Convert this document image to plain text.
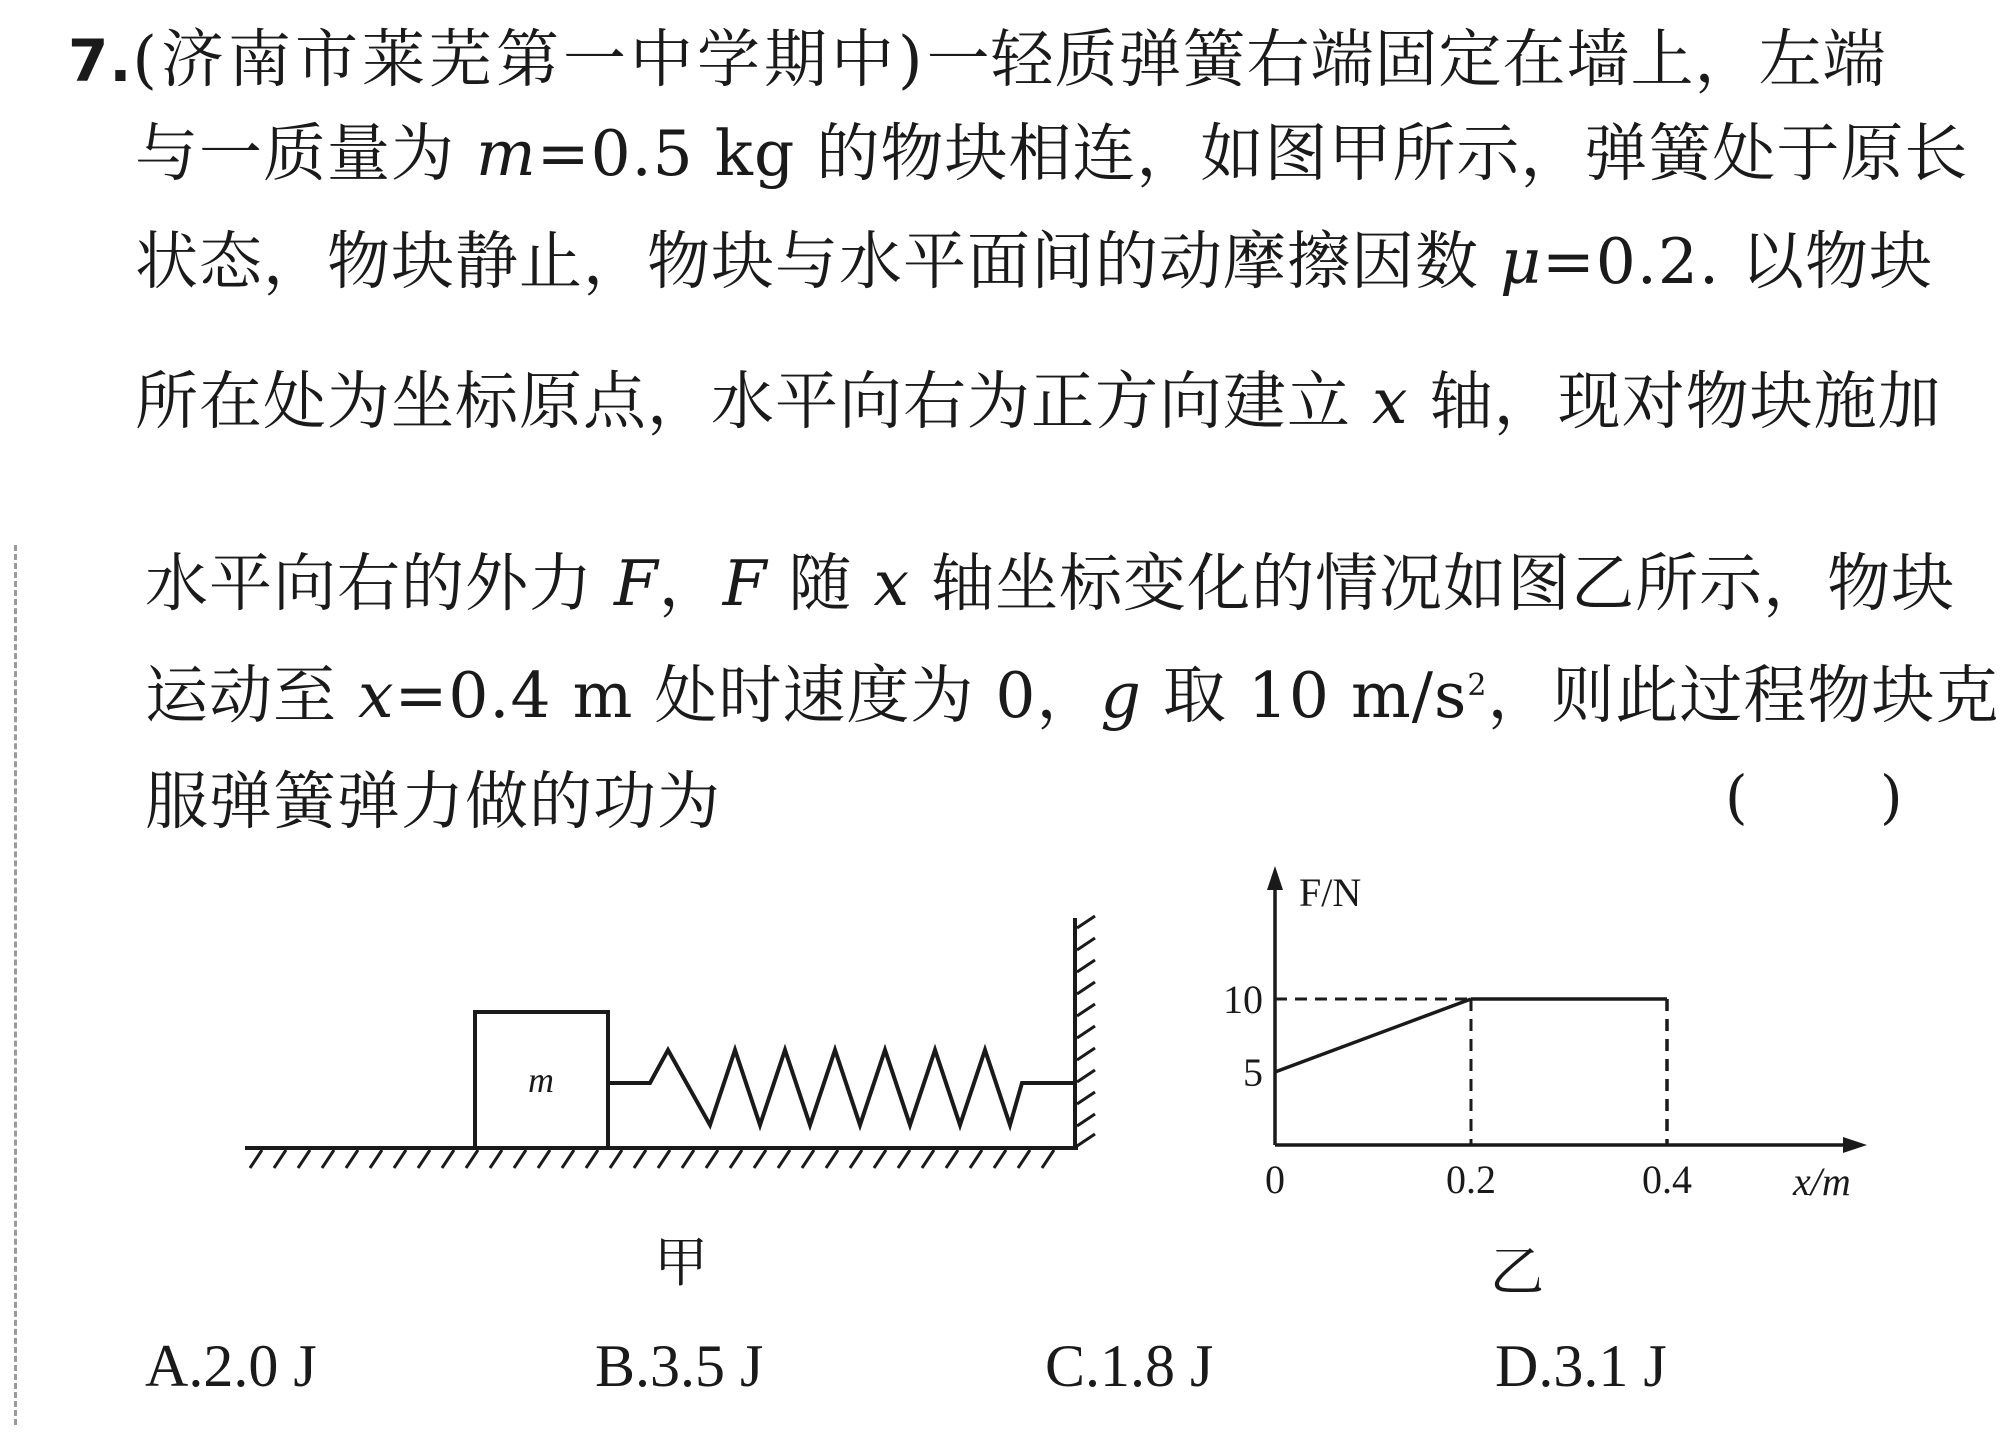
7.(济南市莱芜第一中学期中)一轻质弹簧右端固定在墙上，左端
与一质量为 m=0.5 kg 的物块相连，如图甲所示，弹簧处于原长
状态，物块静止，物块与水平面间的动摩擦因数 μ=0.2. 以物块
所在处为坐标原点，水平向右为正方向建立 x 轴，现对物块施加
水平向右的外力 F，F 随 x 轴坐标变化的情况如图乙所示，物块
运动至 x=0.4 m 处时速度为 0，g 取 10 $m/s^2$，则此过程物块克
服弹簧弹力做的功为	( )
m
甲
0	0.2	0.4
5
10
F/N
x/m
乙
A.2.0 J	B.3.5 J	C.1.8 J	D.3.1 J
